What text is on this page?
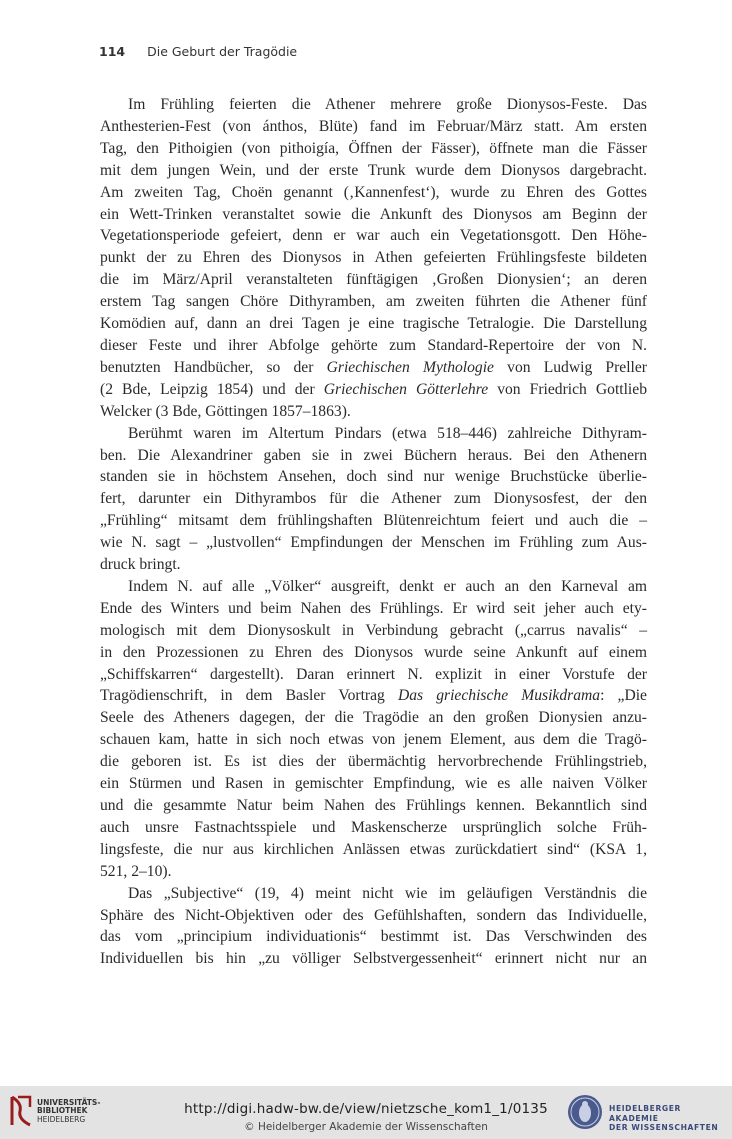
114 Die Geburt der Tragödie
Im Frühling feierten die Athener mehrere große Dionysos-Feste. Das
Anthesterien-Fest (von ánthos, Blüte) fand im Februar/März statt. Am ersten
Tag, den Pithoigien (von pithoigía, Öffnen der Fässer), öffnete man die Fässer
mit dem jungen Wein, und der erste Trunk wurde dem Dionysos dargebracht.
Am zweiten Tag, Choën genannt (‚Kannenfest‘), wurde zu Ehren des Gottes
ein Wett-Trinken veranstaltet sowie die Ankunft des Dionysos am Beginn der
Vegetationsperiode gefeiert, denn er war auch ein Vegetationsgott. Den Höhe-
punkt der zu Ehren des Dionysos in Athen gefeierten Frühlingsfeste bildeten
die im März/April veranstalteten fünftägigen ‚Großen Dionysien‘; an deren
erstem Tag sangen Chöre Dithyramben, am zweiten führten die Athener fünf
Komödien auf, dann an drei Tagen je eine tragische Tetralogie. Die Darstellung
dieser Feste und ihrer Abfolge gehörte zum Standard-Repertoire der von N.
benutzten Handbücher, so der Griechischen Mythologie von Ludwig Preller
(2 Bde, Leipzig 1854) und der Griechischen Götterlehre von Friedrich Gottlieb
Welcker (3 Bde, Göttingen 1857–1863).
Berühmt waren im Altertum Pindars (etwa 518–446) zahlreiche Dithyram-
ben. Die Alexandriner gaben sie in zwei Büchern heraus. Bei den Athenern
standen sie in höchstem Ansehen, doch sind nur wenige Bruchstücke überlie-
fert, darunter ein Dithyrambos für die Athener zum Dionysosfest, der den
„Frühling“ mitsamt dem frühlingshaften Blütenreichtum feiert und auch die –
wie N. sagt – „lustvollen“ Empfindungen der Menschen im Frühling zum Aus-
druck bringt.
Indem N. auf alle „Völker“ ausgreift, denkt er auch an den Karneval am
Ende des Winters und beim Nahen des Frühlings. Er wird seit jeher auch ety-
mologisch mit dem Dionysoskult in Verbindung gebracht („carrus navalis“ –
in den Prozessionen zu Ehren des Dionysos wurde seine Ankunft auf einem
„Schiffskarren“ dargestellt). Daran erinnert N. explizit in einer Vorstufe der
Tragödienschrift, in dem Basler Vortrag Das griechische Musikdrama: „Die
Seele des Atheners dagegen, der die Tragödie an den großen Dionysien anzu-
schauen kam, hatte in sich noch etwas von jenem Element, aus dem die Tragö-
die geboren ist. Es ist dies der übermächtig hervorbrechende Frühlingstrieb,
ein Stürmen und Rasen in gemischter Empfindung, wie es alle naiven Völker
und die gesammte Natur beim Nahen des Frühlings kennen. Bekanntlich sind
auch unsre Fastnachtsspiele und Maskenscherze ursprünglich solche Früh-
lingsfeste, die nur aus kirchlichen Anlässen etwas zurückdatiert sind“ (KSA 1,
521, 2–10).
Das „Subjective“ (19, 4) meint nicht wie im geläufigen Verständnis die
Sphäre des Nicht-Objektiven oder des Gefühlshaften, sondern das Individuelle,
das vom „principium individuationis“ bestimmt ist. Das Verschwinden des
Individuellen bis hin „zu völliger Selbstvergessenheit“ erinnert nicht nur an
UNIVERSITÄTS-
BIBLIOTHEK
HEIDELBERG
http://digi.hadw-bw.de/view/nietzsche_kom1_1/0135
© Heidelberger Akademie der Wissenschaften
HEIDELBERGER AKADEMIE
DER WISSENSCHAFTEN
